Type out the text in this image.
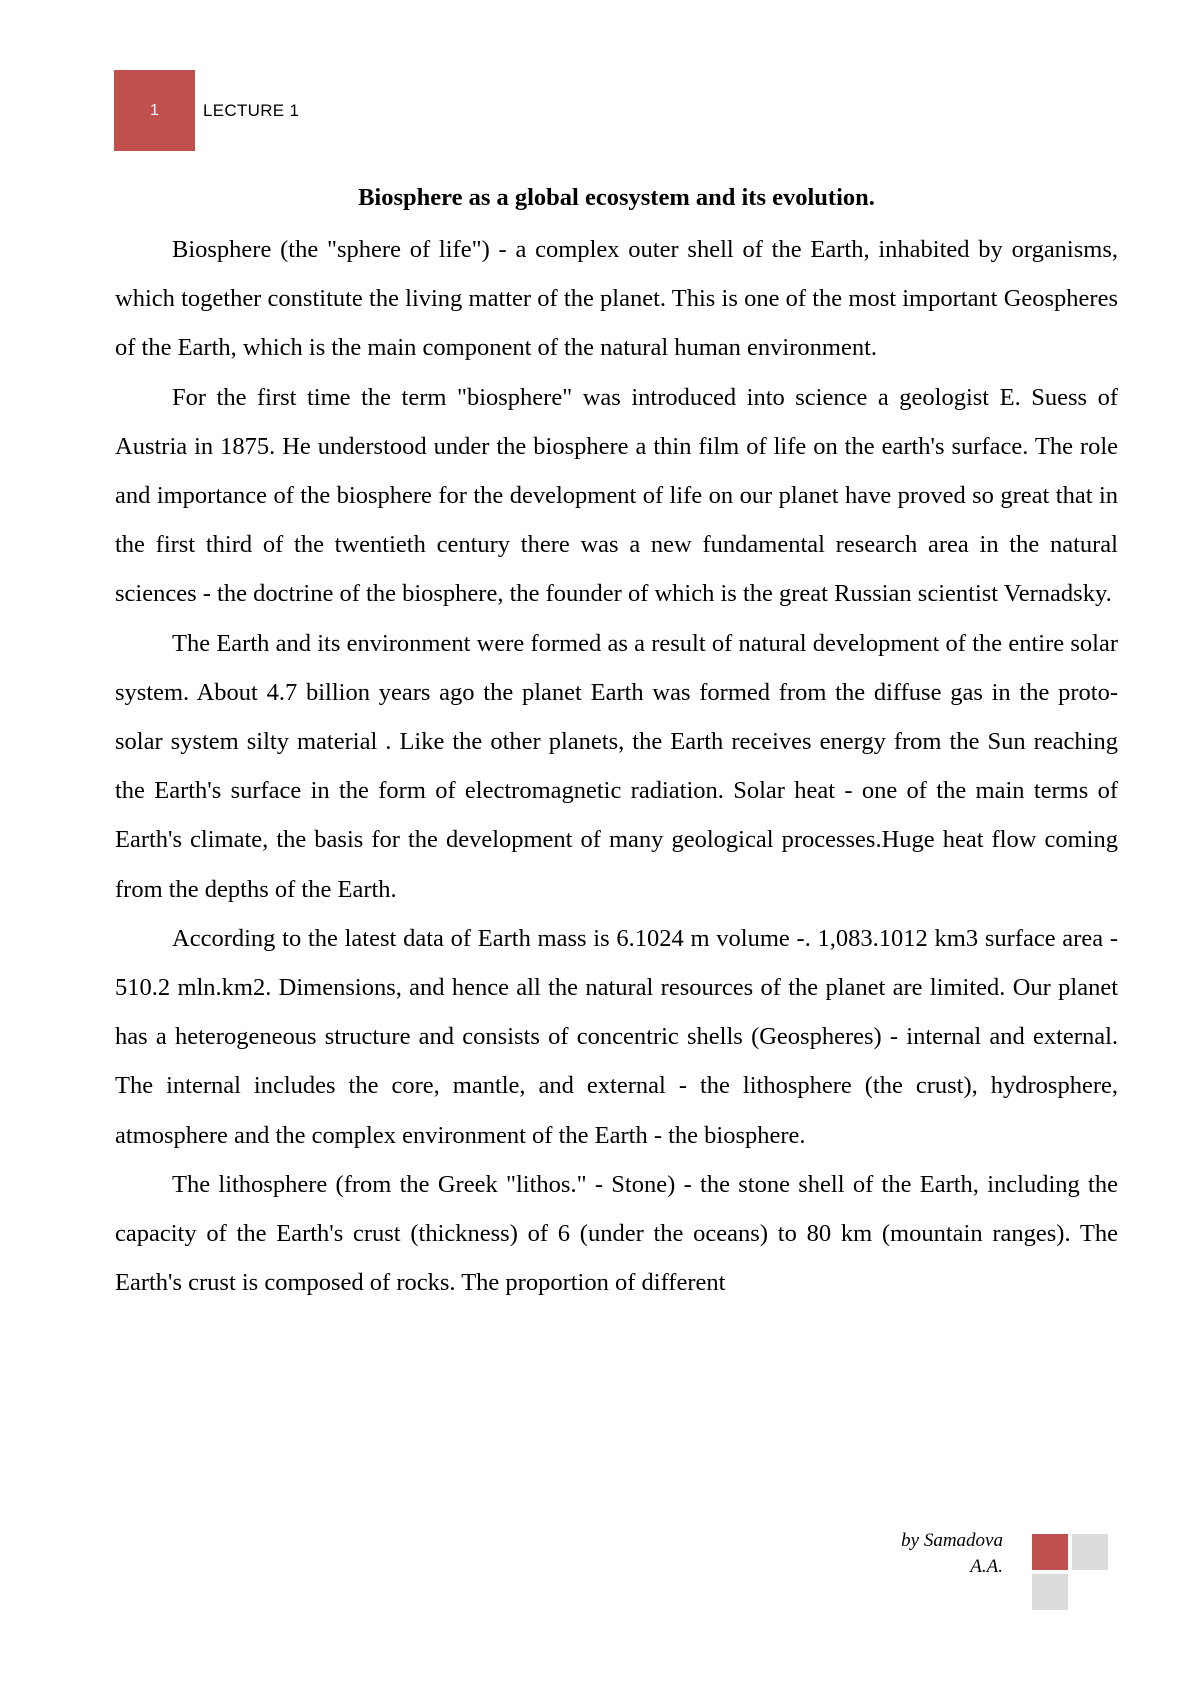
1	LECTURE 1
Biosphere as a global ecosystem and its evolution.

Biosphere (the "sphere of life") - a complex outer shell of the Earth, inhabited by organisms, which together constitute the living matter of the planet. This is one of the most important Geospheres of the Earth, which is the main component of the natural human environment.

For the first time the term "biosphere" was introduced into science a geologist E. Suess of Austria in 1875. He understood under the biosphere a thin film of life on the earth's surface. The role and importance of the biosphere for the development of life on our planet have proved so great that in the first third of the twentieth century there was a new fundamental research area in the natural sciences - the doctrine of the biosphere, the founder of which is the great Russian scientist Vernadsky.

The Earth and its environment were formed as a result of natural development of the entire solar system. About 4.7 billion years ago the planet Earth was formed from the diffuse gas in the proto-solar system silty material . Like the other planets, the Earth receives energy from the Sun reaching the Earth's surface in the form of electromagnetic radiation. Solar heat - one of the main terms of Earth's climate, the basis for the development of many geological processes.Huge heat flow coming from the depths of the Earth.

According to the latest data of Earth mass is 6.1024 m volume -. 1,083.1012 km3 surface area - 510.2 mln.km2. Dimensions, and hence all the natural resources of the planet are limited. Our planet has a heterogeneous structure and consists of concentric shells (Geospheres) - internal and external. The internal includes the core, mantle, and external - the lithosphere (the crust), hydrosphere, atmosphere and the complex environment of the Earth - the biosphere.

The lithosphere (from the Greek "lithos." - Stone) - the stone shell of the Earth, including the capacity of the Earth's crust (thickness) of 6 (under the oceans) to 80 km (mountain ranges). The Earth's crust is composed of rocks. The proportion of different

by Samadova
A.A.
